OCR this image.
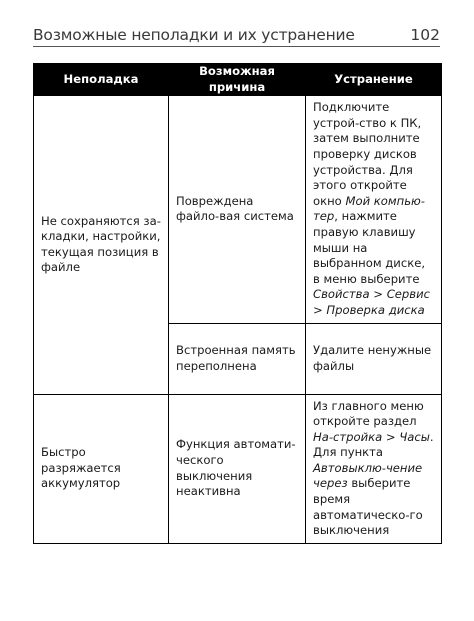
Возможные неполадки и их устранение	102
Неполадка	Возможная причина	Устранение
Не сохраняются за-кладки, настройки, текущая позиция в файле	Повреждена файло-вая система	Подключите устрой-ство к ПК, затем выполните проверку дисков устройства. Для этого откройте окно Мой компью-тер, нажмите правую клавишу мыши на выбранном диске, в меню выберите Свойства > Сервис > Проверка диска
	Встроенная память переполнена	Удалите ненужные файлы
Быстро разряжается аккумулятор	Функция автомати-ческого выключения неактивна	Из главного меню откройте раздел На-стройка > Часы. Для пункта Автовыклю-чение через выберите время автоматическо-го выключения
